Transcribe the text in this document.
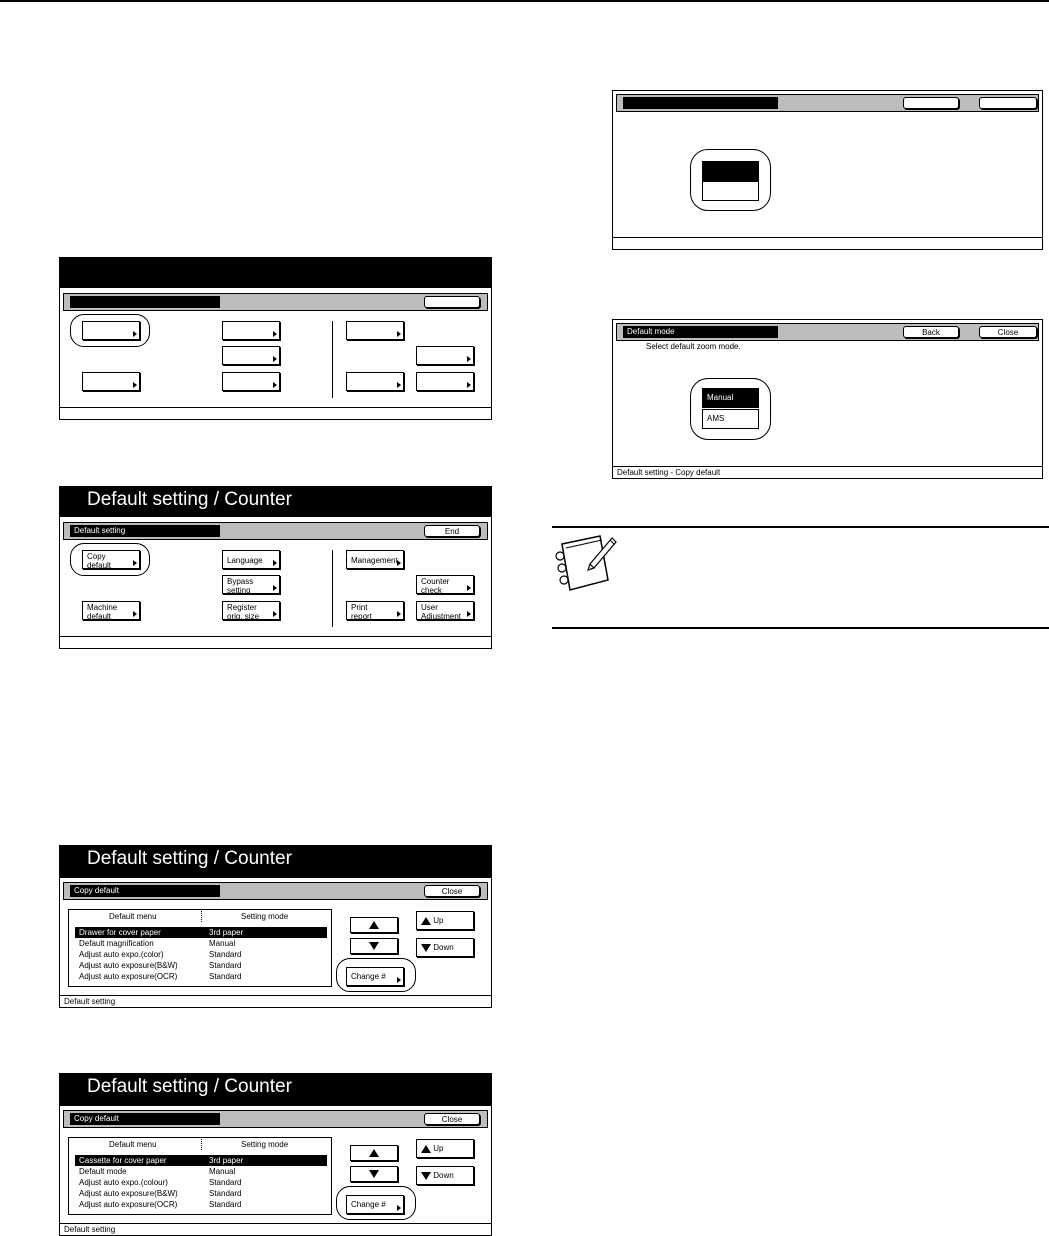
Default setting / Counter
Default setting	End
Copy
default
Language
Bypass
setting
Machine
default
Register
orig. size
Management
Counter
check
Print
report
User
Adjustment
Default setting / Counter
Copy default	Close
Default menu	Setting mode
Drawer for cover paper	3rd paper
Default magnification	Manual
Adjust auto expo.(color)	Standard
Adjust auto exposure(B&W)	Standard
Adjust auto exposure(OCR)	Standard
Up
Down
Change #
Default setting
Default setting / Counter
Copy default	Close
Default menu	Setting mode
Cassette for cover paper	3rd paper
Default mode	Manual
Adjust auto expo.(colour)	Standard
Adjust auto exposure(B&W)	Standard
Adjust auto exposure(OCR)	Standard
Up
Down
Change #
Default setting
Default mode	Back	Close
Select default zoom mode.
Manual
AMS
Default setting - Copy default
